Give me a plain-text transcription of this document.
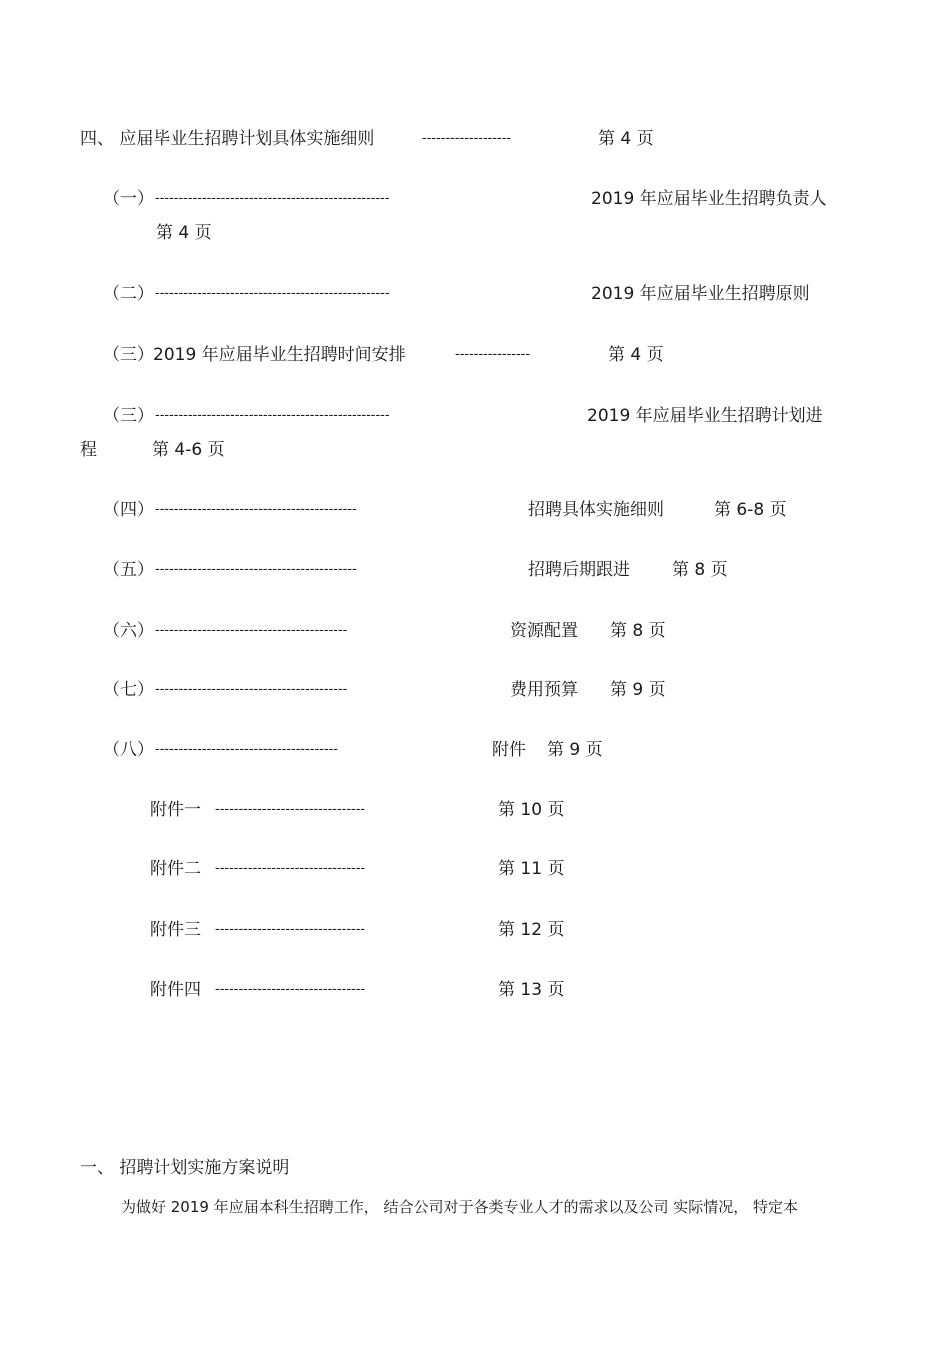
四、 应届毕业生招聘计划具体实施细则	-------------------	第 4 页
（一） --------------------------------------------------	2019 年应届毕业生招聘负责人
第 4 页
（二） --------------------------------------------------	2019 年应届毕业生招聘原则
（三） 2019 年应届毕业生招聘时间安排	----------------	第 4 页
（三） --------------------------------------------------	2019 年应届毕业生招聘计划进
程	第 4-6 页
（四） -------------------------------------------	招聘具体实施细则	第 6-8 页
（五） -------------------------------------------	招聘后期跟进 第 8 页
（六） -----------------------------------------	资源配置 第 8 页
（七） -----------------------------------------	费用预算 第 9 页
（八） ---------------------------------------	附件 第 9 页
附件一 --------------------------------	第 10 页
附件二 --------------------------------	第 11 页
附件三 --------------------------------	第 12 页
附件四 --------------------------------	第 13 页
一、 招聘计划实施方案说明
为做好 2019 年应届本科生招聘工作， 结合公司对于各类专业人才的需求以及公司 实际情况， 特定本
